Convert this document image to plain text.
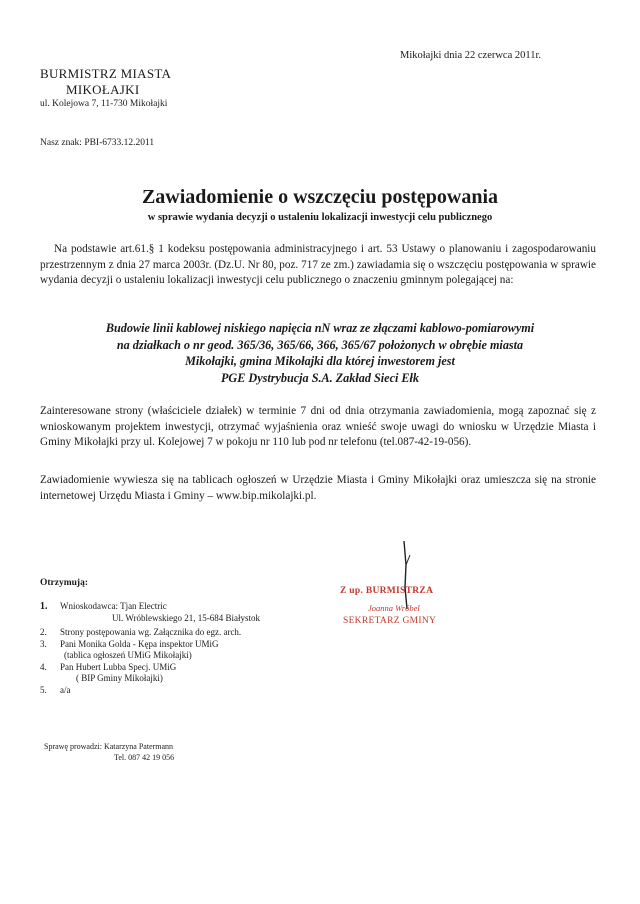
Mikołajki dnia 22 czerwca 2011r.
BURMISTRZ MIASTA
MIKOŁAJKI
ul. Kolejowa 7, 11-730 Mikołajki
Nasz znak: PBI-6733.12.2011
Zawiadomienie o wszczęciu postępowania
w sprawie wydania decyzji o ustaleniu lokalizacji inwestycji celu publicznego
Na podstawie art.61.§ 1 kodeksu postępowania administracyjnego i art. 53 Ustawy o planowaniu i zagospodarowaniu przestrzennym z dnia 27 marca 2003r. (Dz.U. Nr 80, poz. 717 ze zm.) zawiadamia się o wszczęciu postępowania w sprawie wydania decyzji o ustaleniu lokalizacji inwestycji celu publicznego o znaczeniu gminnym polegającej na:
Budowie linii kablowej niskiego napięcia nN wraz ze złączami kablowo-pomiarowymi
na działkach o nr geod. 365/36, 365/66, 366, 365/67 położonych w obrębie miasta
Mikołajki, gmina Mikołajki dla której inwestorem jest
PGE Dystrybucja S.A. Zakład Sieci Ełk
Zainteresowane strony (właściciele działek) w terminie 7 dni od dnia otrzymania zawiadomienia, mogą zapoznać się z wnioskowanym projektem inwestycji, otrzymać wyjaśnienia oraz wnieść swoje uwagi do wniosku w Urzędzie Miasta i Gminy Mikołajki przy ul. Kolejowej 7 w pokoju nr 110 lub pod nr telefonu (tel.087-42-19-056).
Zawiadomienie wywiesza się na tablicach ogłoszeń w Urzędzie Miasta i Gminy Mikołajki oraz umieszcza się na stronie internetowej Urzędu Miasta i Gminy – www.bip.mikolajki.pl.
Z up. BURMISTRZA
Joanna Wróbel
SEKRETARZ GMINY
Otrzymują:
1.	Wnioskodawca: Tjan Electric
Ul. Wróblewskiego 21, 15-684 Białystok
2.	Strony postępowania wg. Załącznika do egz. arch.
3.	Pani Monika Golda - Kępa inspektor UMiG
(tablica ogłoszeń UMiG Mikołajki)
4.	Pan Hubert Lubba Specj. UMiG
( BIP Gminy Mikołajki)
5.	a/a
Sprawę prowadzi: Katarzyna Patermann
Tel. 087 42 19 056
